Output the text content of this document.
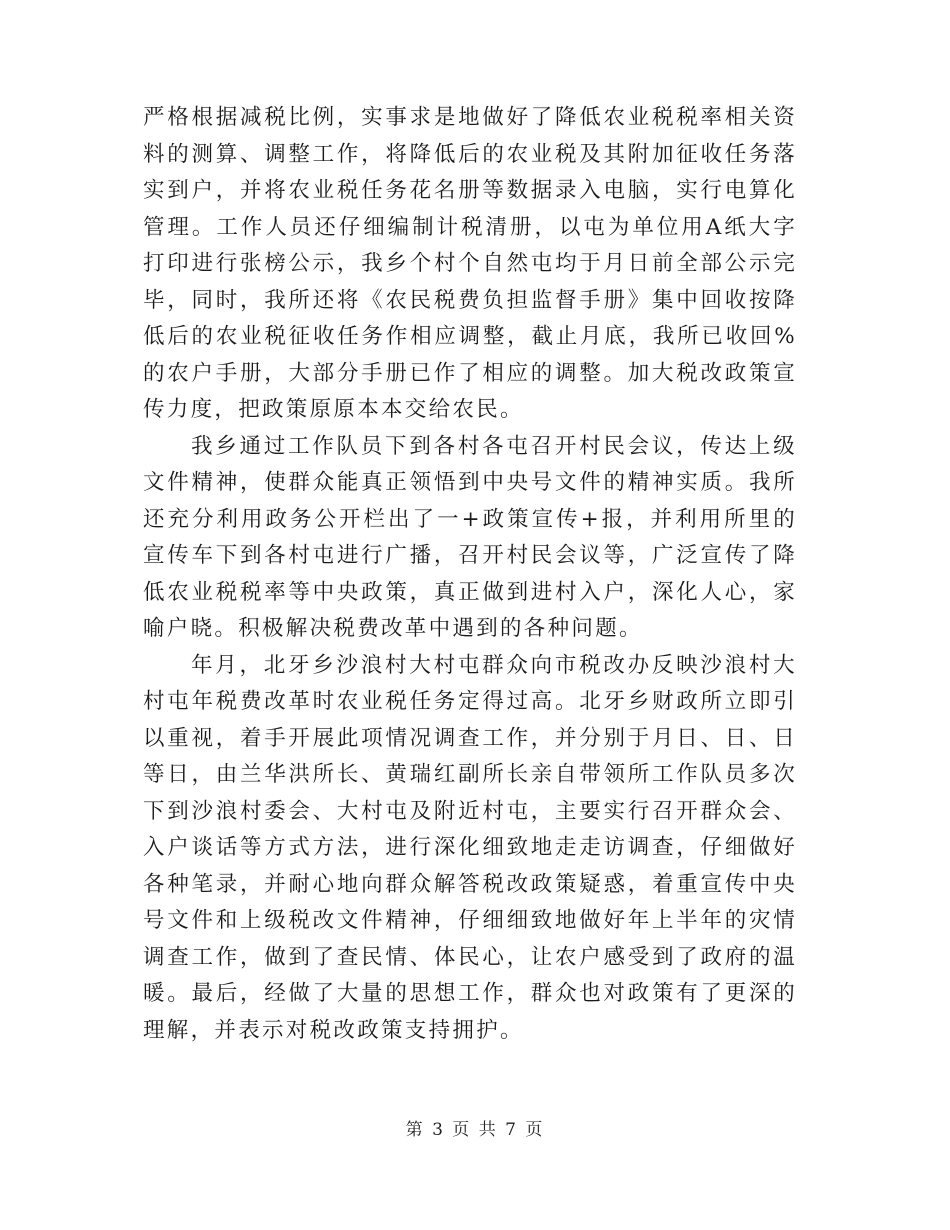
严格根据减税比例，实事求是地做好了降低农业税税率相关资料的测算、调整工作，将降低后的农业税及其附加征收任务落实到户，并将农业税任务花名册等数据录入电脑，实行电算化管理。工作人员还仔细编制计税清册，以屯为单位用A纸大字打印进行张榜公示，我乡个村个自然屯均于月日前全部公示完毕，同时，我所还将《农民税费负担监督手册》集中回收按降低后的农业税征收任务作相应调整，截止月底，我所已收回%的农户手册，大部分手册已作了相应的调整。加大税改政策宣传力度，把政策原原本本交给农民。

我乡通过工作队员下到各村各屯召开村民会议，传达上级文件精神，使群众能真正领悟到中央号文件的精神实质。我所还充分利用政务公开栏出了一+政策宣传+报，并利用所里的宣传车下到各村屯进行广播，召开村民会议等，广泛宣传了降低农业税税率等中央政策，真正做到进村入户，深化人心，家喻户晓。积极解决税费改革中遇到的各种问题。

年月，北牙乡沙浪村大村屯群众向市税改办反映沙浪村大村屯年税费改革时农业税任务定得过高。北牙乡财政所立即引以重视，着手开展此项情况调查工作，并分别于月日、日、日等日，由兰华洪所长、黄瑞红副所长亲自带领所工作队员多次下到沙浪村委会、大村屯及附近村屯，主要实行召开群众会、入户谈话等方式方法，进行深化细致地走走访调查，仔细做好各种笔录，并耐心地向群众解答税改政策疑惑，着重宣传中央号文件和上级税改文件精神，仔细细致地做好年上半年的灾情调查工作，做到了查民情、体民心，让农户感受到了政府的温暖。最后，经做了大量的思想工作，群众也对政策有了更深的理解，并表示对税改政策支持拥护。

第 3 页 共 7 页
